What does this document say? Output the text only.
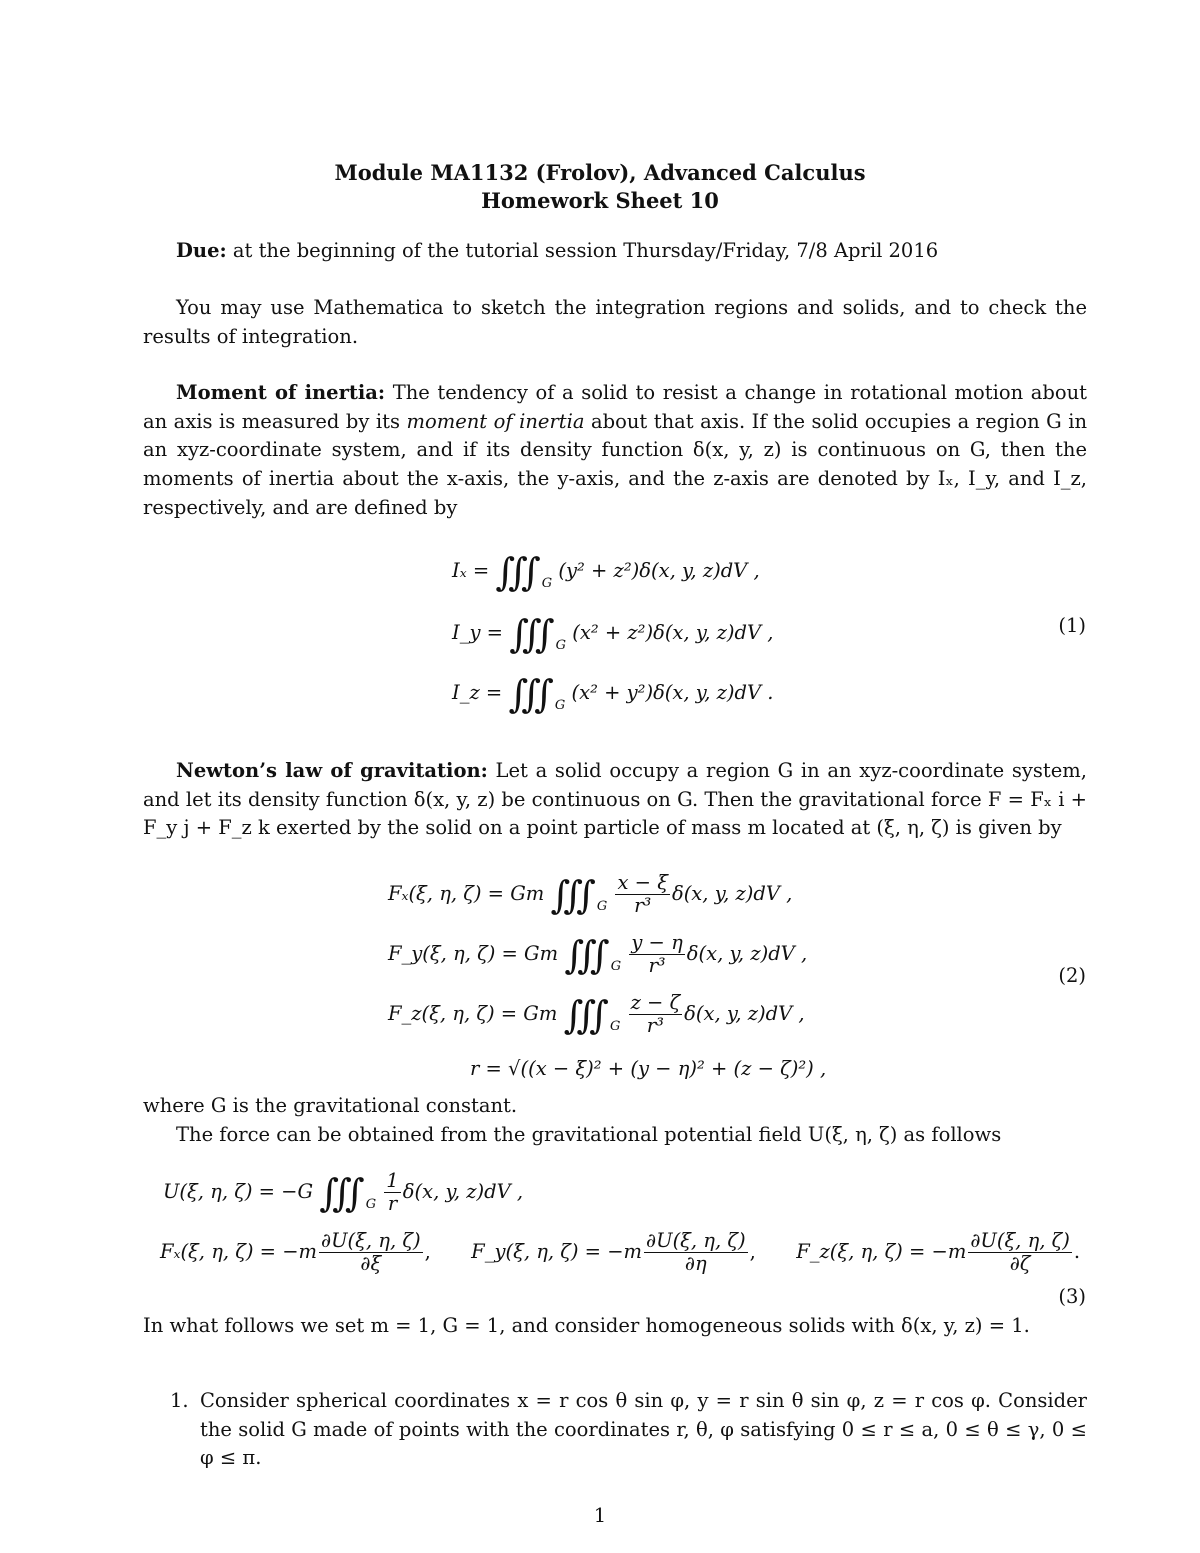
Module MA1132 (Frolov), Advanced Calculus
Homework Sheet 10
Due: at the beginning of the tutorial session Thursday/Friday, 7/8 April 2016
You may use Mathematica to sketch the integration regions and solids, and to check the results of integration.
Moment of inertia: The tendency of a solid to resist a change in rotational motion about an axis is measured by its moment of inertia about that axis. If the solid occupies a region G in an xyz-coordinate system, and if its density function δ(x, y, z) is continuous on G, then the moments of inertia about the x-axis, the y-axis, and the z-axis are denoted by Iₓ, I_y, and I_z, respectively, and are defined by
Iₓ = ∫∫∫ $_G$ (y² + z²)δ(x, y, z)dV ,
I_y = ∫∫∫ $_G$ (x² + z²)δ(x, y, z)dV ,
I_z = ∫∫∫ $_G$ (x² + y²)δ(x, y, z)dV .
(1)
Newton’s law of gravitation: Let a solid occupy a region G in an xyz-coordinate system, and let its density function δ(x, y, z) be continuous on G. Then the gravitational force F = Fₓ i + F_y j + F_z k exerted by the solid on a point particle of mass m located at (ξ, η, ζ) is given by
Fₓ(ξ, η, ζ) = Gm ∫∫∫ $_G \frac{x - \xi}{\text{r³}} \delta(x$, y, z)dV ,
F_y(ξ, η, ζ) = Gm ∫∫∫ $_G \frac{y - \eta}{\text{r³}} \delta(x$, y, z)dV ,
F_z(ξ, η, ζ) = Gm ∫∫∫ $_G \frac{z - \zeta}{\text{r³}} \delta(x$, y, z)dV ,
r = √((x − ξ)² + (y − η)² + (z − ζ)²) ,
(2)
where G is the gravitational constant.
The force can be obtained from the gravitational potential field U(ξ, η, ζ) as follows
U(ξ, η, ζ) = −G ∫∫∫ $_G \frac{1}{r} \delta(x$, y, z)dV ,
Fₓ(ξ, η, $\zeta) = -m \frac{\partial U(\xi, \eta, \zeta)}{\partial\xi}$ , F_y(ξ, η, $\zeta) = -m \frac{\partial U(\xi, \eta, \zeta)}{\partial\eta}$ , F_z(ξ, η, $\zeta) = -m \frac{\partial U(\xi, \eta, \zeta)}{\partial\zeta}$ .
(3)
In what follows we set m = 1, G = 1, and consider homogeneous solids with δ(x, y, z) = 1.
1. Consider spherical coordinates x = r cos θ sin φ, y = r sin θ sin φ, z = r cos φ. Consider the solid G made of points with the coordinates r, θ, φ satisfying 0 ≤ r ≤ a, 0 ≤ θ ≤ γ, 0 ≤ φ ≤ π.
1
